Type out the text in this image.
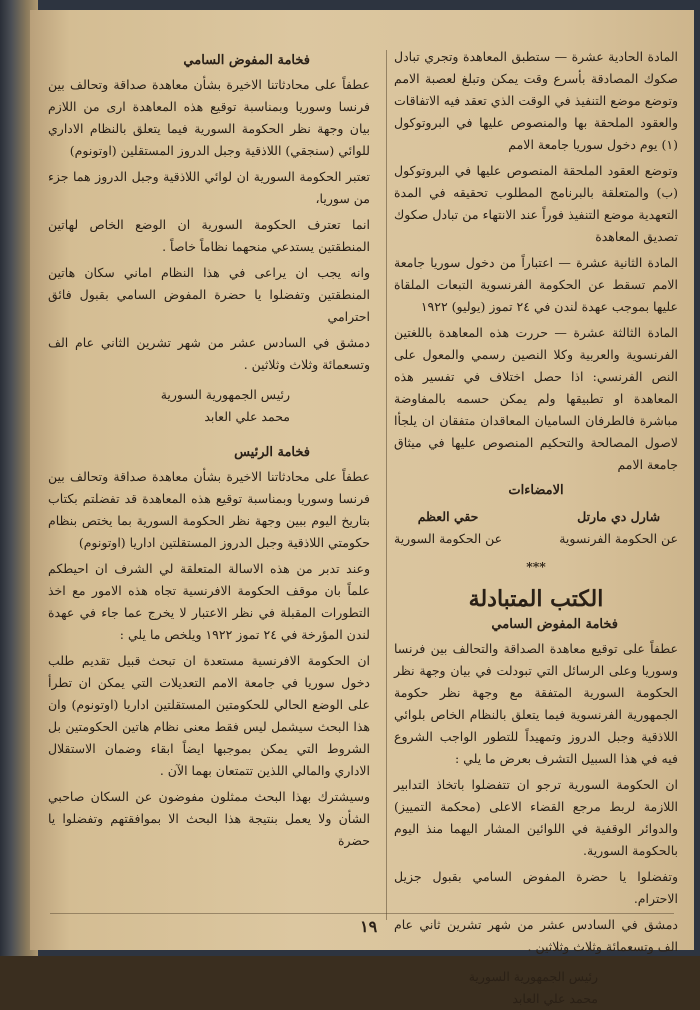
المادة الحادية عشرة — ستطبق المعاهدة وتجري تبادل صكوك المصادقة بأسرع وقت يمكن وتبلغ لعصبة الامم وتوضع موضع التنفيذ في الوقت الذي تعقد فيه الاتفاقات والعقود الملحقة بها والمنصوص عليها في البروتوكول (١) يوم دخول سوريا جامعة الامم

وتوضع العقود الملحقة المنصوص عليها في البروتوكول (ب) والمتعلقة بالبرنامج المطلوب تحقيقه في المدة التعهدية موضع التنفيذ فوراً عند الانتهاء من تبادل صكوك تصديق المعاهدة

المادة الثانية عشرة — اعتباراً من دخول سوريا جامعة الامم تسقط عن الحكومة الفرنسوية التبعات الملقاة عليها بموجب عهدة لندن في ٢٤ تموز (يوليو) ١٩٢٢

المادة الثالثة عشرة — حررت هذه المعاهدة باللغتين الفرنسوية والعربية وكلا النصين رسمي والمعول على النص الفرنسي: اذا حصل اختلاف في تفسير هذه المعاهدة او تطبيقها ولم يمكن حسمه بالمفاوضة مباشرة فالطرفان الساميان المعاقدان متفقان ان يلجأا لاصول المصالحة والتحكيم المنصوص عليها في ميثاق جامعة الامم

الامضاءات
شارل دي مارتل
عن الحكومة الفرنسوية
حقي العظم
عن الحكومة السورية
***
الكتب المتبادلة
فخامة المفوض السامي

عطفاً على توقيع معاهدة الصداقة والتحالف بين فرنسا وسوريا وعلى الرسائل التي تبودلت في بيان وجهة نظر الحكومة السورية المتفقة مع وجهة نظر حكومة الجمهورية الفرنسوية فيما يتعلق بالنظام الخاص بلوائي اللاذقية وجبل الدروز وتمهيداً للتطور الواجب الشروع فيه في هذا السبيل التشرف بعرض ما يلي :

ان الحكومة السورية ترجو ان تتفضلوا باتخاذ التدابير اللازمة لربط مرجع القضاء الاعلى (محكمة التمييز) والدوائر الوقفية في اللوائين المشار اليهما منذ اليوم بالحكومة السورية.

وتفضلوا يا حضرة المفوض السامي بقبول جزيل الاحترام.

دمشق في السادس عشر من شهر تشرين ثاني عام الف وتسعمائة وثلاث وثلاثين .

رئيس الجمهورية السورية
محمد علي العابد
فخامة المفوض السامي

عطفاً على محادثاتنا الاخيرة بشأن معاهدة صداقة وتحالف بين فرنسا وسوريا وبمناسبة توقيع هذه المعاهدة ارى من اللازم بيان وجهة نظر الحكومة السورية فيما يتعلق بالنظام الاداري للوائي (سنجقي) اللاذقية وجبل الدروز المستقلين (اوتونوم)

تعتبر الحكومة السورية ان لوائي اللاذقية وجبل الدروز هما جزء من سوريا،

انما تعترف الحكومة السورية ان الوضع الخاص لهاتين المنطقتين يستدعي منحهما نظاماً خاصاً .

وانه يجب ان يراعى في هذا النظام اماني سكان هاتين المنطقتين وتفضلوا يا حضرة المفوض السامي بقبول فائق احترامي

دمشق في السادس عشر من شهر تشرين الثاني عام الف وتسعمائة وثلاث وثلاثين .

رئيس الجمهورية السورية
محمد علي العابد
فخامة الرئيس

عطفاً على محادثاتنا الاخيرة بشأن معاهدة صداقة وتحالف بين فرنسا وسوريا وبمناسبة توقيع هذه المعاهدة قد تفضلتم بكتاب بتاريخ اليوم ببين وجهة نظر الحكومة السورية بما يختص بنظام حكومتي اللاذقية وجبل الدروز المستقلتين اداريا (اوتونوم)

وعند تدبر من هذه الاسالة المتعلقة لي الشرف ان احيطكم علماً بان موقف الحكومة الافرنسية تجاه هذه الامور مع اخذ التطورات المقبلة في نظر الاعتبار لا يخرج عما جاء في عهدة لندن المؤرخة في ٢٤ تموز ١٩٢٢ ويلخص ما يلي :

ان الحكومة الافرنسية مستعدة ان تبحث قبيل تقديم طلب دخول سوريا في جامعة الامم التعديلات التي يمكن ان تطرأ على الوضع الحالي للحكومتين المستقلتين اداريا (اوتونوم) وان هذا البحث سيشمل ليس فقط معنى نظام هاتين الحكومتين بل الشروط التي يمكن بموجبها ايضاً ابقاء وضمان الاستقلال الاداري والمالي اللذين تتمتعان بهما الآن .

وسيشترك بهذا البحث ممثلون مفوضون عن السكان صاحبي الشأن ولا يعمل بنتيجة هذا البحث الا بموافقتهم وتفضلوا يا حضرة

١٩
